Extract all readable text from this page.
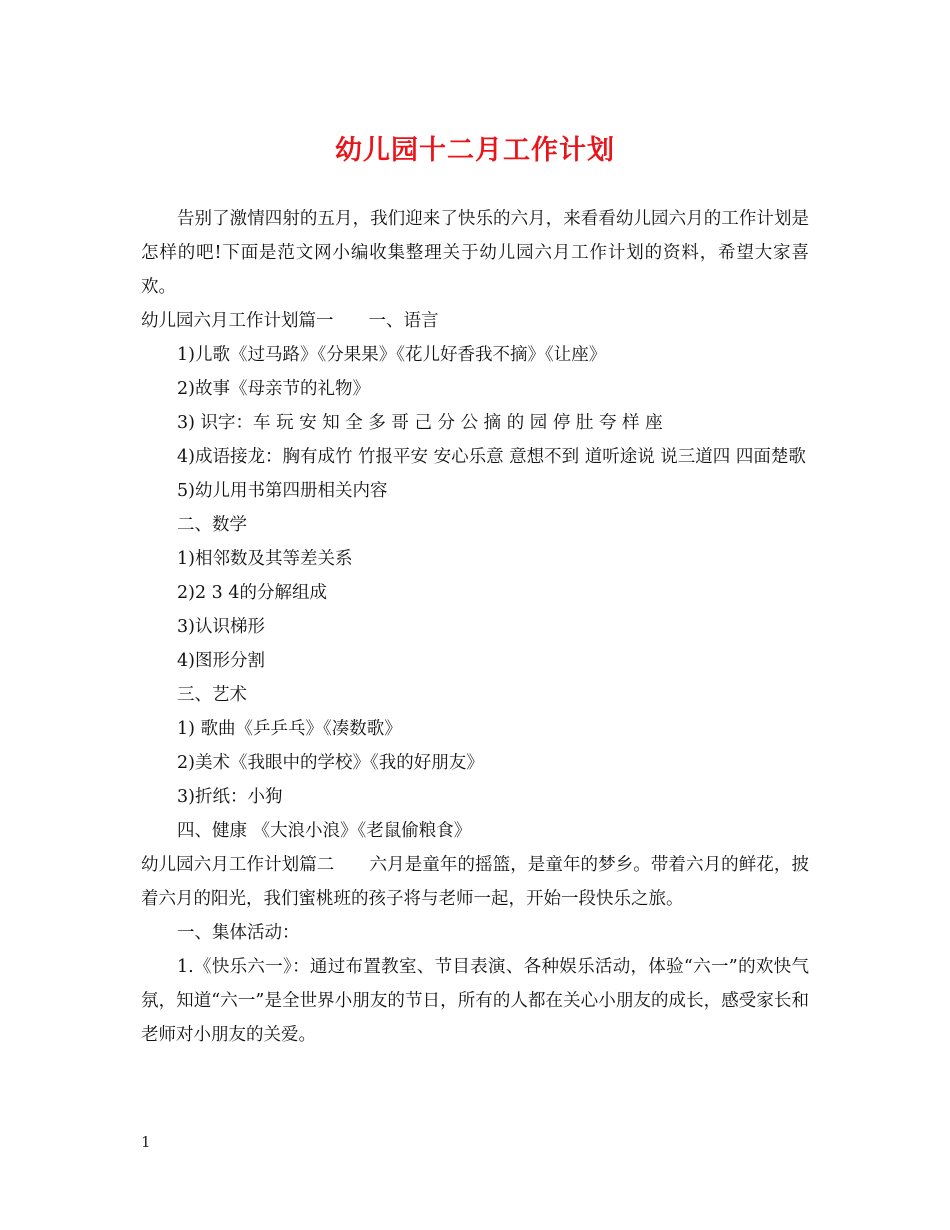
幼儿园十二月工作计划

告别了激情四射的五月，我们迎来了快乐的六月，来看看幼儿园六月的工作计划是怎样的吧!下面是范文网小编收集整理关于幼儿园六月工作计划的资料，希望大家喜欢。

幼儿园六月工作计划篇一　　一、语言

1)儿歌《过马路》《分果果》《花儿好香我不摘》《让座》

2)故事《母亲节的礼物》

3) 识字：车 玩 安 知 全 多 哥 己 分 公 摘 的 园 停 肚 夸 样 座

4)成语接龙：胸有成竹 竹报平安 安心乐意 意想不到 道听途说 说三道四 四面楚歌

5)幼儿用书第四册相关内容

二、数学

1)相邻数及其等差关系

2)2 3 4的分解组成

3)认识梯形

4)图形分割

三、艺术

1) 歌曲《乒乒乓》《凑数歌》

2)美术《我眼中的学校》《我的好朋友》

3)折纸：小狗

四、健康 《大浪小浪》《老鼠偷粮食》

幼儿园六月工作计划篇二　　六月是童年的摇篮，是童年的梦乡。带着六月的鲜花，披着六月的阳光，我们蜜桃班的孩子将与老师一起，开始一段快乐之旅。

一、集体活动：

1.《快乐六一》：通过布置教室、节目表演、各种娱乐活动，体验“六一”的欢快气氛，知道“六一”是全世界小朋友的节日，所有的人都在关心小朋友的成长，感受家长和老师对小朋友的关爱。

1
